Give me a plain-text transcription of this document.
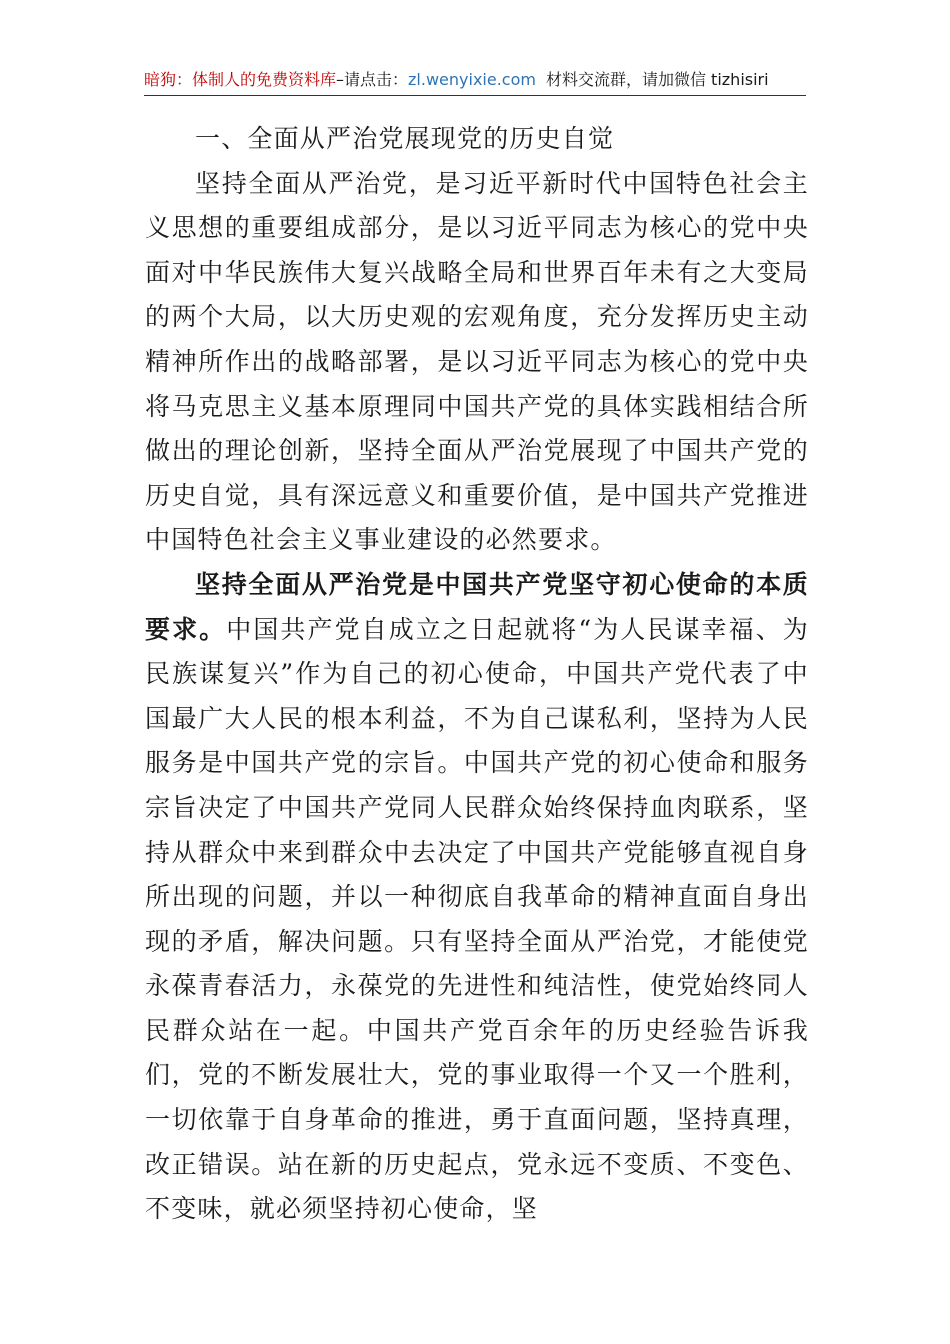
暗狗：体制人的免费资料库–请点击：zl.wenyixie.com 材料交流群，请加微信 tizhisiri
一、全面从严治党展现党的历史自觉

坚持全面从严治党，是习近平新时代中国特色社会主义思想的重要组成部分，是以习近平同志为核心的党中央面对中华民族伟大复兴战略全局和世界百年未有之大变局的两个大局，以大历史观的宏观角度，充分发挥历史主动精神所作出的战略部署，是以习近平同志为核心的党中央将马克思主义基本原理同中国共产党的具体实践相结合所做出的理论创新，坚持全面从严治党展现了中国共产党的历史自觉，具有深远意义和重要价值，是中国共产党推进中国特色社会主义事业建设的必然要求。

坚持全面从严治党是中国共产党坚守初心使命的本质要求。中国共产党自成立之日起就将“为人民谋幸福、为民族谋复兴”作为自己的初心使命，中国共产党代表了中国最广大人民的根本利益，不为自己谋私利，坚持为人民服务是中国共产党的宗旨。中国共产党的初心使命和服务宗旨决定了中国共产党同人民群众始终保持血肉联系，坚持从群众中来到群众中去决定了中国共产党能够直视自身所出现的问题，并以一种彻底自我革命的精神直面自身出现的矛盾，解决问题。只有坚持全面从严治党，才能使党永葆青春活力，永葆党的先进性和纯洁性，使党始终同人民群众站在一起。中国共产党百余年的历史经验告诉我们，党的不断发展壮大，党的事业取得一个又一个胜利，一切依靠于自身革命的推进，勇于直面问题，坚持真理，改正错误。站在新的历史起点，党永远不变质、不变色、不变味，就必须坚持初心使命，坚
